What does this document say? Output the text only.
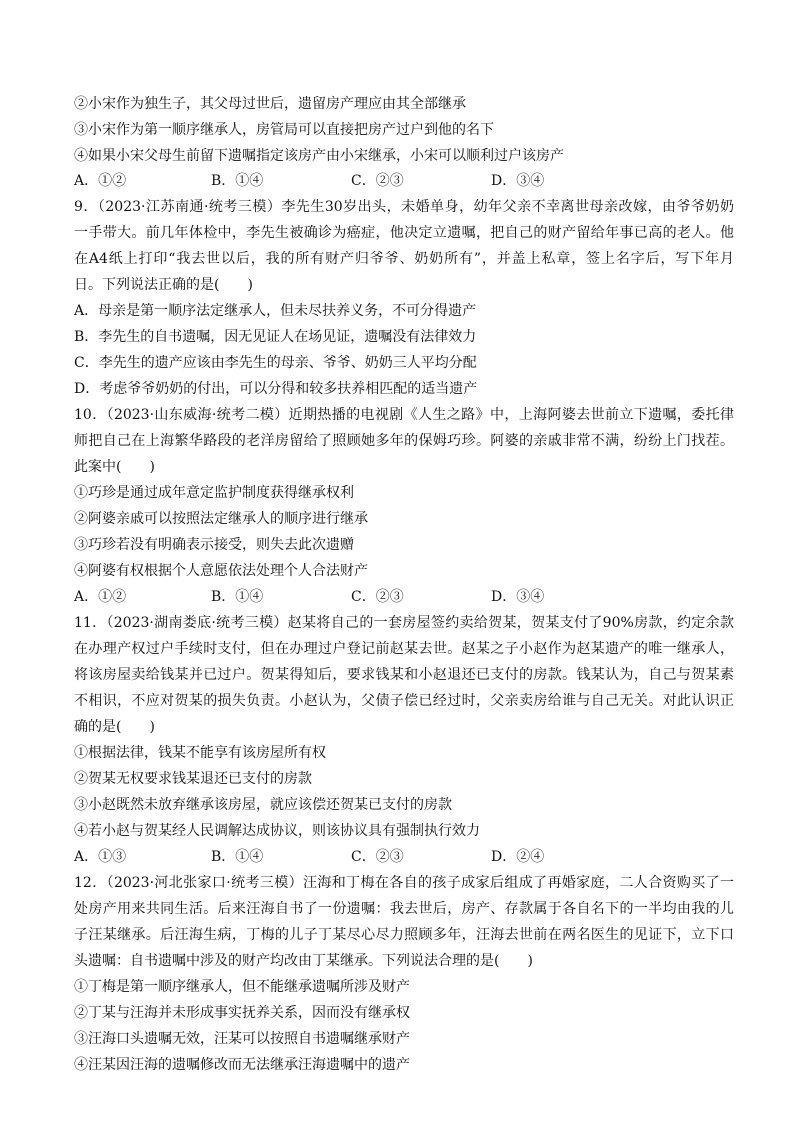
②小宋作为独生子，其父母过世后，遗留房产理应由其全部继承
③小宋作为第一顺序继承人，房管局可以直接把房产过户到他的名下
④如果小宋父母生前留下遗嘱指定该房产由小宋继承，小宋可以顺利过户该房产
A．①②	B．①④	C．②③	D．③④
9．（2023·江苏南通·统考三模）李先生30岁出头，未婚单身，幼年父亲不幸离世母亲改嫁，由爷爷奶奶
一手带大。前几年体检中，李先生被确诊为癌症，他决定立遗嘱，把自己的财产留给年事已高的老人。他
在A4纸上打印“我去世以后，我的所有财产归爷爷、奶奶所有”，并盖上私章，签上名字后，写下年月
日。下列说法正确的是(　　)
A．母亲是第一顺序法定继承人，但未尽扶养义务，不可分得遗产
B．李先生的自书遗嘱，因无见证人在场见证，遗嘱没有法律效力
C．李先生的遗产应该由李先生的母亲、爷爷、奶奶三人平均分配
D．考虑爷爷奶奶的付出，可以分得和较多扶养相匹配的适当遗产
10．（2023·山东威海·统考二模）近期热播的电视剧《人生之路》中，上海阿婆去世前立下遗嘱，委托律
师把自己在上海繁华路段的老洋房留给了照顾她多年的保姆巧珍。阿婆的亲戚非常不满，纷纷上门找茬。
此案中(　　)
①巧珍是通过成年意定监护制度获得继承权利
②阿婆亲戚可以按照法定继承人的顺序进行继承
③巧珍若没有明确表示接受，则失去此次遗赠
④阿婆有权根据个人意愿依法处理个人合法财产
A．①②	B．①④	C．②③	D．③④
11．（2023·湖南娄底·统考三模）赵某将自己的一套房屋签约卖给贺某，贺某支付了90%房款，约定余款
在办理产权过户手续时支付，但在办理过户登记前赵某去世。赵某之子小赵作为赵某遗产的唯一继承人，
将该房屋卖给钱某并已过户。贺某得知后，要求钱某和小赵退还已支付的房款。钱某认为，自己与贺某素
不相识，不应对贺某的损失负责。小赵认为，父债子偿已经过时，父亲卖房给谁与自己无关。对此认识正
确的是(　　)
①根据法律，钱某不能享有该房屋所有权
②贺某无权要求钱某退还已支付的房款
③小赵既然未放弃继承该房屋，就应该偿还贺某已支付的房款
④若小赵与贺某经人民调解达成协议，则该协议具有强制执行效力
A．①③	B．①④	C．②③	D．②④
12．（2023·河北张家口·统考三模）汪海和丁梅在各自的孩子成家后组成了再婚家庭，二人合资购买了一
处房产用来共同生活。后来汪海自书了一份遗嘱：我去世后，房产、存款属于各自名下的一半均由我的儿
子汪某继承。后汪海生病，丁梅的儿子丁某尽心尽力照顾多年，汪海去世前在两名医生的见证下，立下口
头遗嘱：自书遗嘱中涉及的财产均改由丁某继承。下列说法合理的是(　　)
①丁梅是第一顺序继承人，但不能继承遗嘱所涉及财产
②丁某与汪海并未形成事实抚养关系，因而没有继承权
③汪海口头遗嘱无效，汪某可以按照自书遗嘱继承财产
④汪某因汪海的遗嘱修改而无法继承汪海遗嘱中的遗产
